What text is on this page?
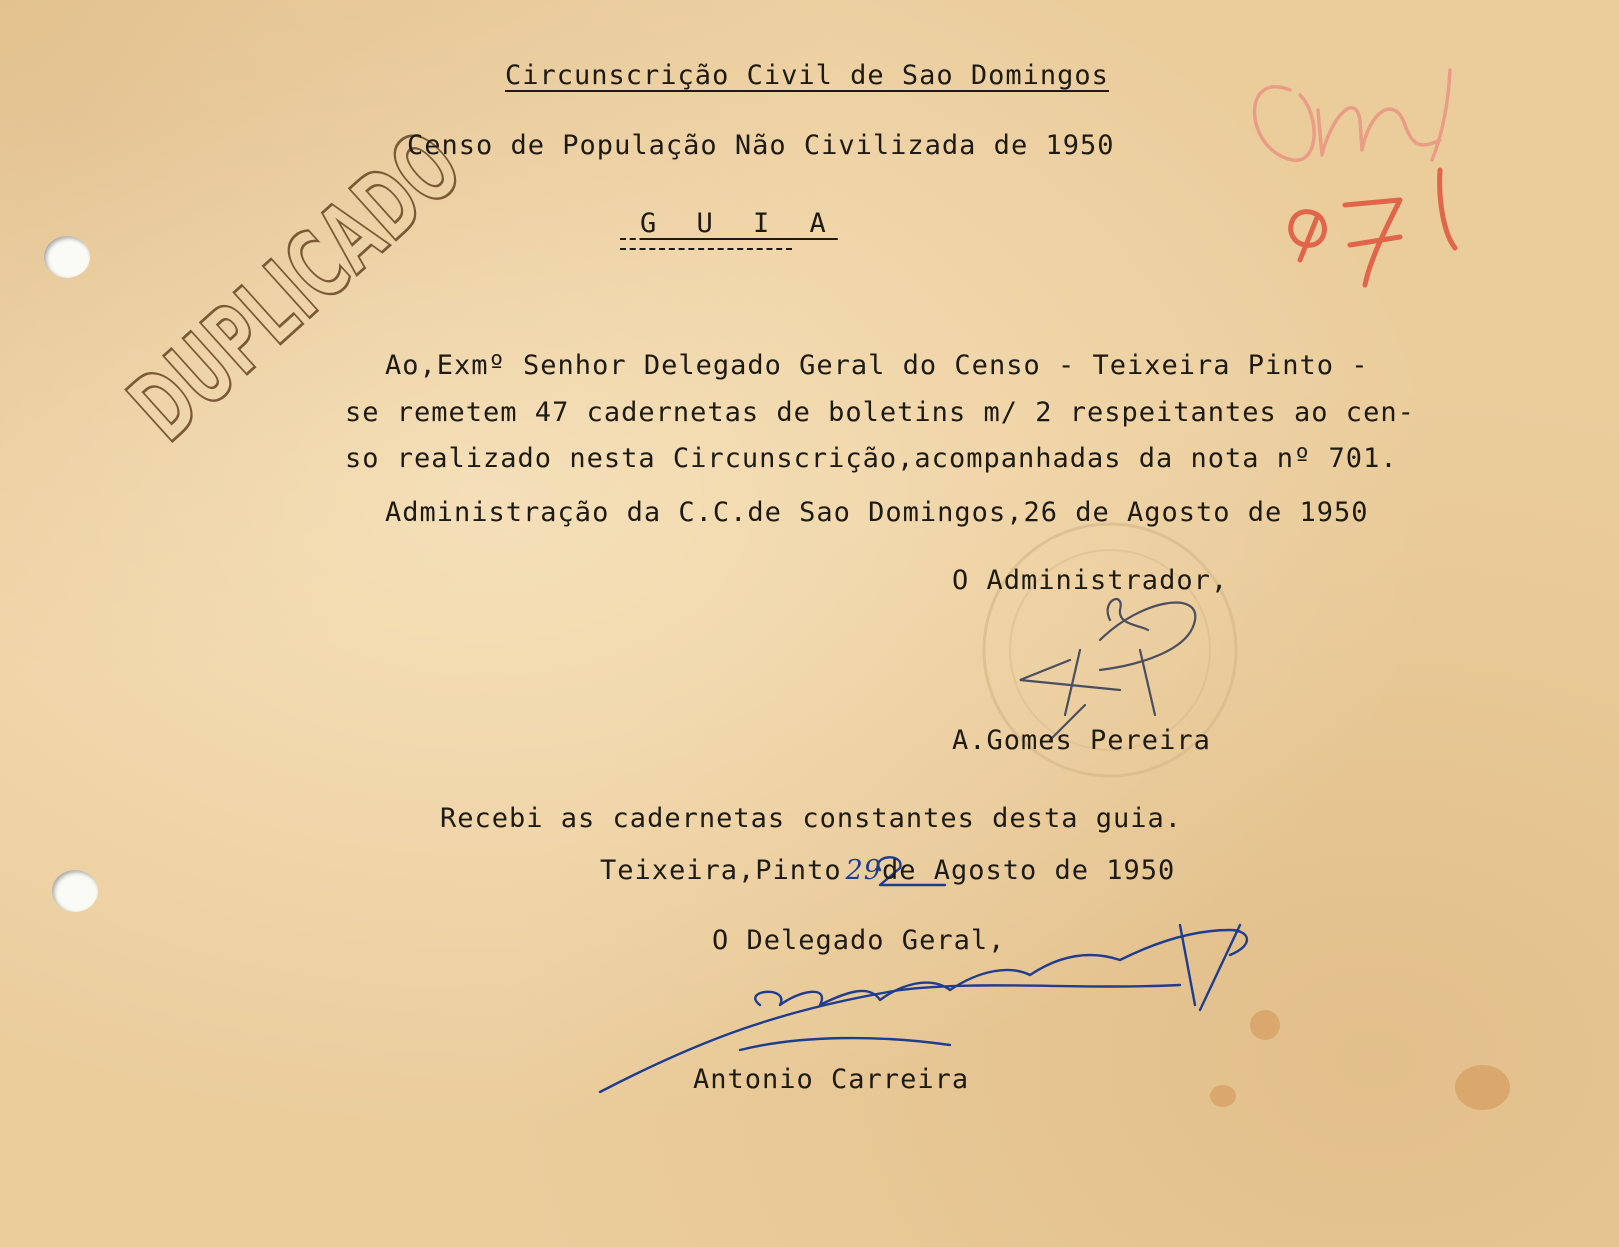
DUPLICADO
Circunscrição Civil de Sao Domingos
Censo de População Não Civilizada de 1950
G U I A
Ao,Exmº Senhor Delegado Geral do Censo - Teixeira Pinto -
se remetem 47 cadernetas de boletins m/ 2 respeitantes ao cen-
so realizado nesta Circunscrição,acompanhadas da nota nº 701.
Administração da C.C.de Sao Domingos,26 de Agosto de 1950
O Administrador,
A.Gomes Pereira
Recebi as cadernetas constantes desta guia.
Teixeira,Pinto 29de Agosto de 1950
O Delegado Geral,
Antonio Carreira
